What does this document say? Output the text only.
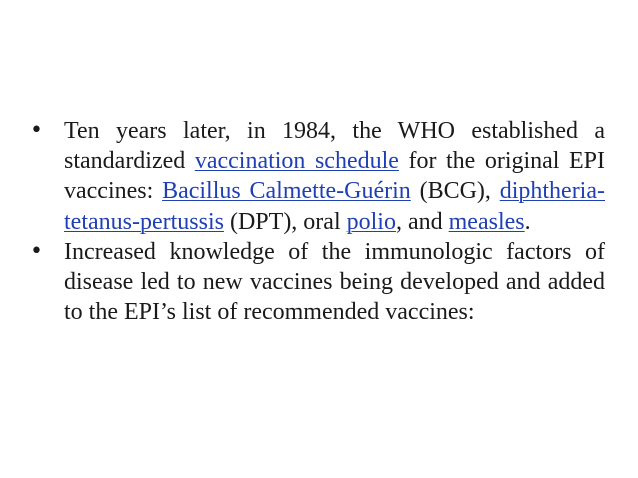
• Ten years later, in 1984, the WHO established a standardized vaccination schedule for the original EPI vaccines: Bacillus Calmette-Guérin (BCG), diphtheria-tetanus-pertussis (DPT), oral polio, and measles.
• Increased knowledge of the immunologic factors of disease led to new vaccines being developed and added to the EPI’s list of recommended vaccines:
